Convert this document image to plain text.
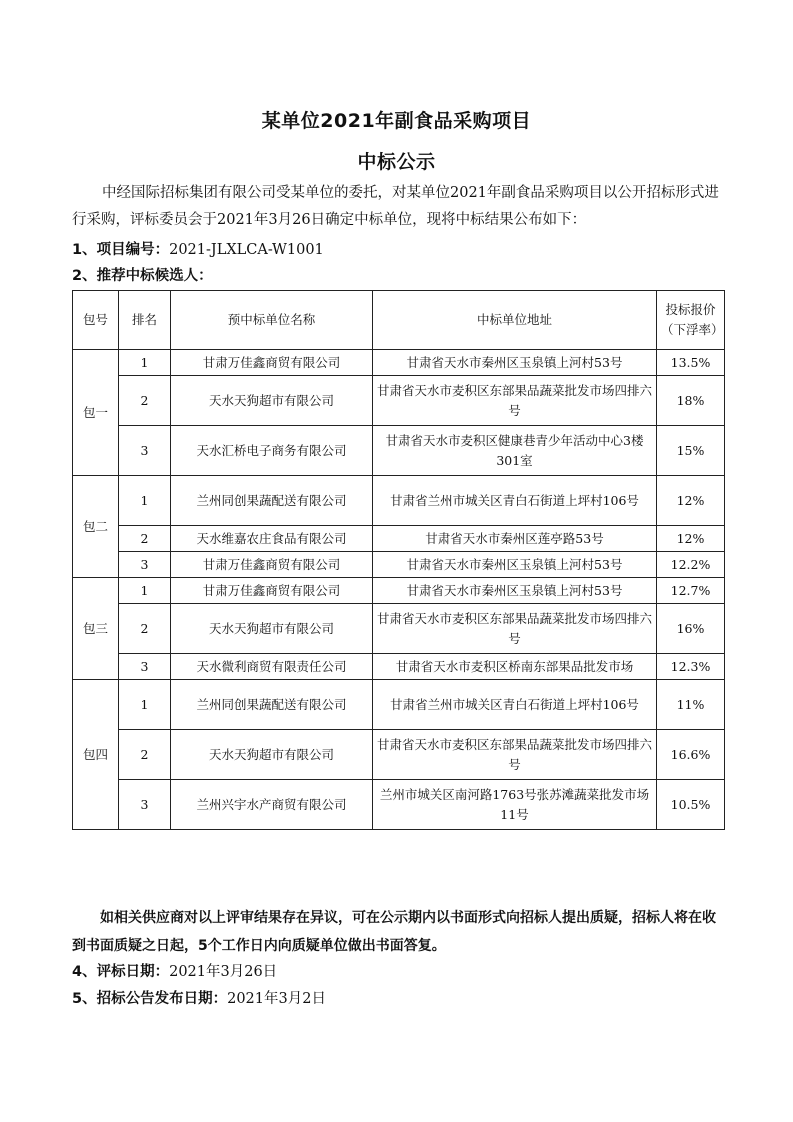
某单位2021年副食品采购项目
中标公示
中经国际招标集团有限公司受某单位的委托，对某单位2021年副食品采购项目以公开招标形式进行采购，评标委员会于2021年3月26日确定中标单位，现将中标结果公布如下：
1、项目编号：2021-JLXLCA-W1001
2、推荐中标候选人：
包号	排名	预中标单位名称	中标单位地址	投标报价（下浮率）
包一	1	甘肃万佳鑫商贸有限公司	甘肃省天水市秦州区玉泉镇上河村53号	13.5%
	2	天水天狗超市有限公司	甘肃省天水市麦积区东部果品蔬菜批发市场四排六号	18%
	3	天水汇桥电子商务有限公司	甘肃省天水市麦积区健康巷青少年活动中心3楼301室	15%
包二	1	兰州同创果蔬配送有限公司	甘肃省兰州市城关区青白石街道上坪村106号	12%
	2	天水维嘉农庄食品有限公司	甘肃省天水市秦州区莲亭路53号	12%
	3	甘肃万佳鑫商贸有限公司	甘肃省天水市秦州区玉泉镇上河村53号	12.2%
包三	1	甘肃万佳鑫商贸有限公司	甘肃省天水市秦州区玉泉镇上河村53号	12.7%
	2	天水天狗超市有限公司	甘肃省天水市麦积区东部果品蔬菜批发市场四排六号	16%
	3	天水微利商贸有限责任公司	甘肃省天水市麦积区桥南东部果品批发市场	12.3%
包四	1	兰州同创果蔬配送有限公司	甘肃省兰州市城关区青白石街道上坪村106号	11%
	2	天水天狗超市有限公司	甘肃省天水市麦积区东部果品蔬菜批发市场四排六号	16.6%
	3	兰州兴宇水产商贸有限公司	兰州市城关区南河路1763号张苏滩蔬菜批发市场11号	10.5%
如相关供应商对以上评审结果存在异议，可在公示期内以书面形式向招标人提出质疑，招标人将在收到书面质疑之日起，5个工作日内向质疑单位做出书面答复。
4、评标日期：2021年3月26日
5、招标公告发布日期：2021年3月2日
